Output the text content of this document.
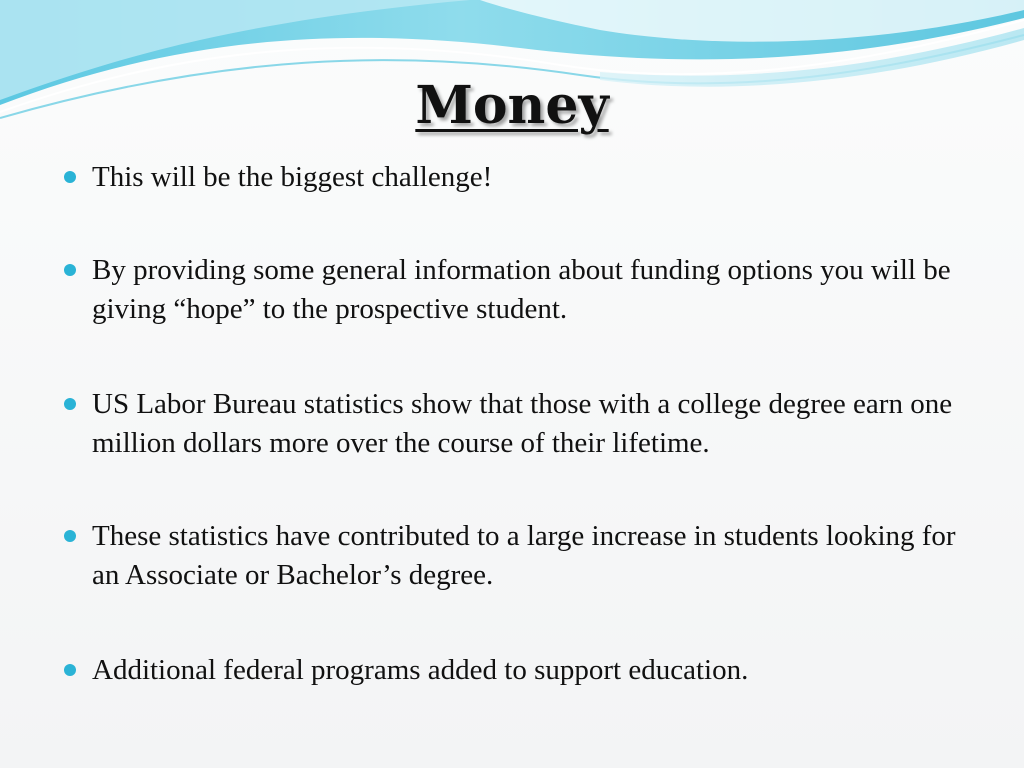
Money
This will be the biggest challenge!
By providing some general information about funding options you will be giving “hope” to the prospective student.
US Labor Bureau statistics show that those with a college degree earn one million dollars more over the course of their lifetime.
These statistics have contributed to a large increase in students looking for an Associate or Bachelor’s degree.
Additional federal programs added to support education.
